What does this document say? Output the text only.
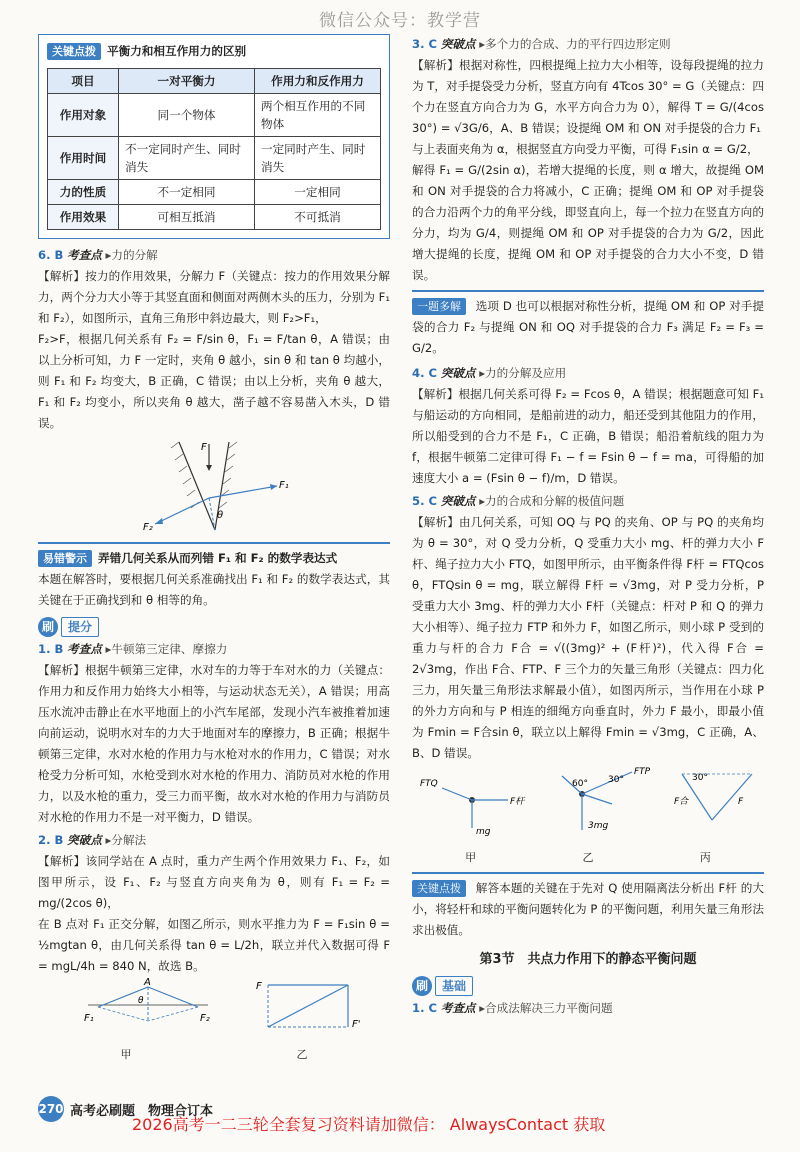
微信公众号：教学营
关键点拨 平衡力和相互作用力的区别
项目	一对平衡力	作用力和反作用力
作用对象	同一个物体	两个相互作用的不同物体
作用时间	不一定同时产生、同时消失	一定同时产生、同时消失
力的性质	不一定相同	一定相同
作用效果	可相互抵消	不可抵消
6. B 考查点 ▸力的分解

【解析】按力的作用效果，分解力 F（关键点：按力的作用效果分解力，两个分力大小等于其竖直面和侧面对两侧木头的压力，分别为 F₁ 和 F₂），如图所示，直角三角形中斜边最大，则 F₂>F₁，

F₂>F，根据几何关系有 F₂ = F/sin θ，F₁ = F/tan θ，A 错误；由以上分析可知，力 F 一定时，夹角 θ 越小，sin θ 和 tan θ 均越小，则 F₁ 和 F₂ 均变大，B 正确，C 错误；由以上分析，夹角 θ 越大，F₁ 和 F₂ 均变小，所以夹角 θ 越大，凿子越不容易凿入木头，D 错误。

F
F₁
F₂
θ
易错警示 弄错几何关系从而列错 F₁ 和 F₂ 的数学表达式

本题在解答时，要根据几何关系准确找出 F₁ 和 F₂ 的数学表达式，其关键在于正确找到和 θ 相等的角。

刷	提分
1. B 考查点 ▸牛顿第三定律、摩擦力

【解析】根据牛顿第三定律，水对车的力等于车对水的力（关键点：作用力和反作用力始终大小相等，与运动状态无关），A 错误；用高压水流冲击静止在水平地面上的小汽车尾部，发现小汽车被推着加速向前运动，说明水对车的力大于地面对车的摩擦力，B 正确；根据牛顿第三定律，水对水枪的作用力与水枪对水的作用力，C 错误；对水枪受力分析可知，水枪受到水对水枪的作用力、消防员对水枪的作用力，以及水枪的重力，受三力而平衡，故水对水枪的作用力与消防员对水枪的作用力不是一对平衡力，D 错误。

2. B 突破点 ▸分解法

【解析】该同学站在 A 点时，重力产生两个作用效果力 F₁、F₂，如图甲所示，设 F₁、F₂ 与竖直方向夹角为 θ，则有 F₁ = F₂ = mg/(2cos θ)，

在 B 点对 F₁ 正交分解，如图乙所示，则水平推力为 F = F₁sin θ = ½mgtan θ，由几何关系得 tan θ = L/2h，联立并代入数据可得 F = mgL/4h = 840 N，故选 B。

A
θ
F₁	F₂
F
F'
甲	乙
3. C 突破点 ▸多个力的合成、力的平行四边形定则

【解析】根据对称性，四根提绳上拉力大小相等，设每段提绳的拉力为 T，对手提袋受力分析，竖直方向有 4Tcos 30° = G（关键点：四个力在竖直方向合力为 G，水平方向合力为 0），解得 T = G/(4cos 30°) = √3G/6，A、B 错误；设提绳 OM 和 ON 对手提袋的合力 F₁

与上表面夹角为 α，根据竖直方向受力平衡，可得 F₁sin α = G/2，

解得 F₁ = G/(2sin α)，若增大提绳的长度，则 α 增大，故提绳 OM 和 ON 对手提袋的合力将减小，C 正确；提绳 OM 和 OP 对手提袋的合力沿两个力的角平分线，即竖直向上，每一个拉力在竖直方向的分力，均为 G/4，则提绳 OM 和 OP 对手提袋的合力为 G/2，因此增大提绳的长度，提绳 OM 和 OP 对手提袋的合力大小不变，D 错误。

一题多解 选项 D 也可以根据对称性分析，提绳 OM 和 OP 对手提袋的合力 F₂ 与提绳 ON 和 OQ 对手提袋的合力 F₃ 满足 F₂ = F₃ = G/2。

4. C 突破点 ▸力的分解及应用

【解析】根据几何关系可得 F₂ = Fcos θ，A 错误；根据题意可知 F₁ 与船运动的方向相同，是船前进的动力，船还受到其他阻力的作用，所以船受到的合力不是 F₁，C 正确，B 错误；船沿着航线的阻力为 f，根据牛顿第二定律可得 F₁ − f = Fsin θ − f = ma，可得船的加速度大小 a = (Fsin θ − f)/m，D 错误。

5. C 突破点 ▸力的合成和分解的极值问题

【解析】由几何关系，可知 OQ 与 PQ 的夹角、OP 与 PQ 的夹角均为 θ = 30°，对 Q 受力分析，Q 受重力大小 mg、杆的弹力大小 F杆、绳子拉力大小 FTQ，如图甲所示，由平衡条件得 F杆 = FTQcos θ，FTQsin θ = mg，联立解得 F杆 = √3mg，对 P 受力分析，P 受重力大小 3mg、杆的弹力大小 F杆（关键点：杆对 P 和 Q 的弹力大小相等）、绳子拉力 FTP 和外力 F，如图乙所示，则小球 P 受到的重力与杆的合力 F合 = √((3mg)² + (F杆)²)，代入得 F合 = 2√3mg，作出 F合、FTP、F 三个力的矢量三角形（关键点：四力化三力，用矢量三角形法求解最小值），如图丙所示，当作用在小球 P 的外力方向和与 P 相连的细绳方向垂直时，外力 F 最小，即最小值为 Fmin = F合sin θ，联立以上解得 Fmin = √3mg，C 正确，A、B、D 错误。

FTQ
F杆
mg
FTP
60° 30°
3mg
F合
30°
F
甲	乙	丙

关键点拨 解答本题的关键在于先对 Q 使用隔离法分析出 F杆 的大小，将轻杆和球的平衡问题转化为 P 的平衡问题，利用矢量三角形法求出极值。

第3节　共点力作用下的静态平衡问题
刷	基础
1. C 考查点 ▸合成法解决三力平衡问题
270 高考必刷题　物理合订本
2026高考一二三轮全套复习资料请加微信： AlwaysContact 获取
